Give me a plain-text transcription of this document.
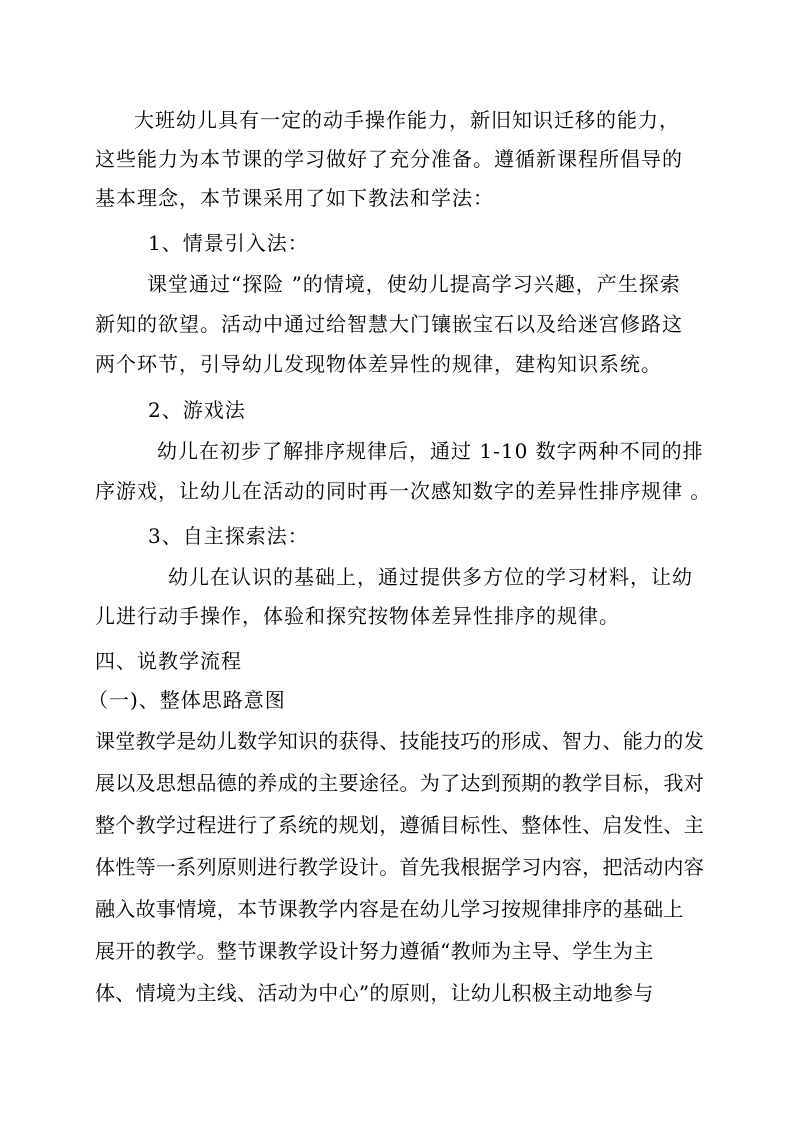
大班幼儿具有一定的动手操作能力，新旧知识迁移的能力，
这些能力为本节课的学习做好了充分准备。遵循新课程所倡导的
基本理念，本节课采用了如下教法和学法：
1、情景引入法：
课堂通过“探险 ”的情境，使幼儿提高学习兴趣，产生探索
新知的欲望。活动中通过给智慧大门镶嵌宝石以及给迷宫修路这
两个环节，引导幼儿发现物体差异性的规律，建构知识系统。
2、游戏法
幼儿在初步了解排序规律后，通过 1-10 数字两种不同的排
序游戏，让幼儿在活动的同时再一次感知数字的差异性排序规律 。
3、自主探索法：
幼儿在认识的基础上，通过提供多方位的学习材料，让幼
儿进行动手操作，体验和探究按物体差异性排序的规律。
四、说教学流程
（一)、整体思路意图
课堂教学是幼儿数学知识的获得、技能技巧的形成、智力、能力的发
展以及思想品德的养成的主要途径。为了达到预期的教学目标，我对
整个教学过程进行了系统的规划，遵循目标性、整体性、启发性、主
体性等一系列原则进行教学设计。首先我根据学习内容，把活动内容
融入故事情境，本节课教学内容是在幼儿学习按规律排序的基础上
展开的教学。整节课教学设计努力遵循“教师为主导、学生为主
体、情境为主线、活动为中心”的原则，让幼儿积极主动地参与
